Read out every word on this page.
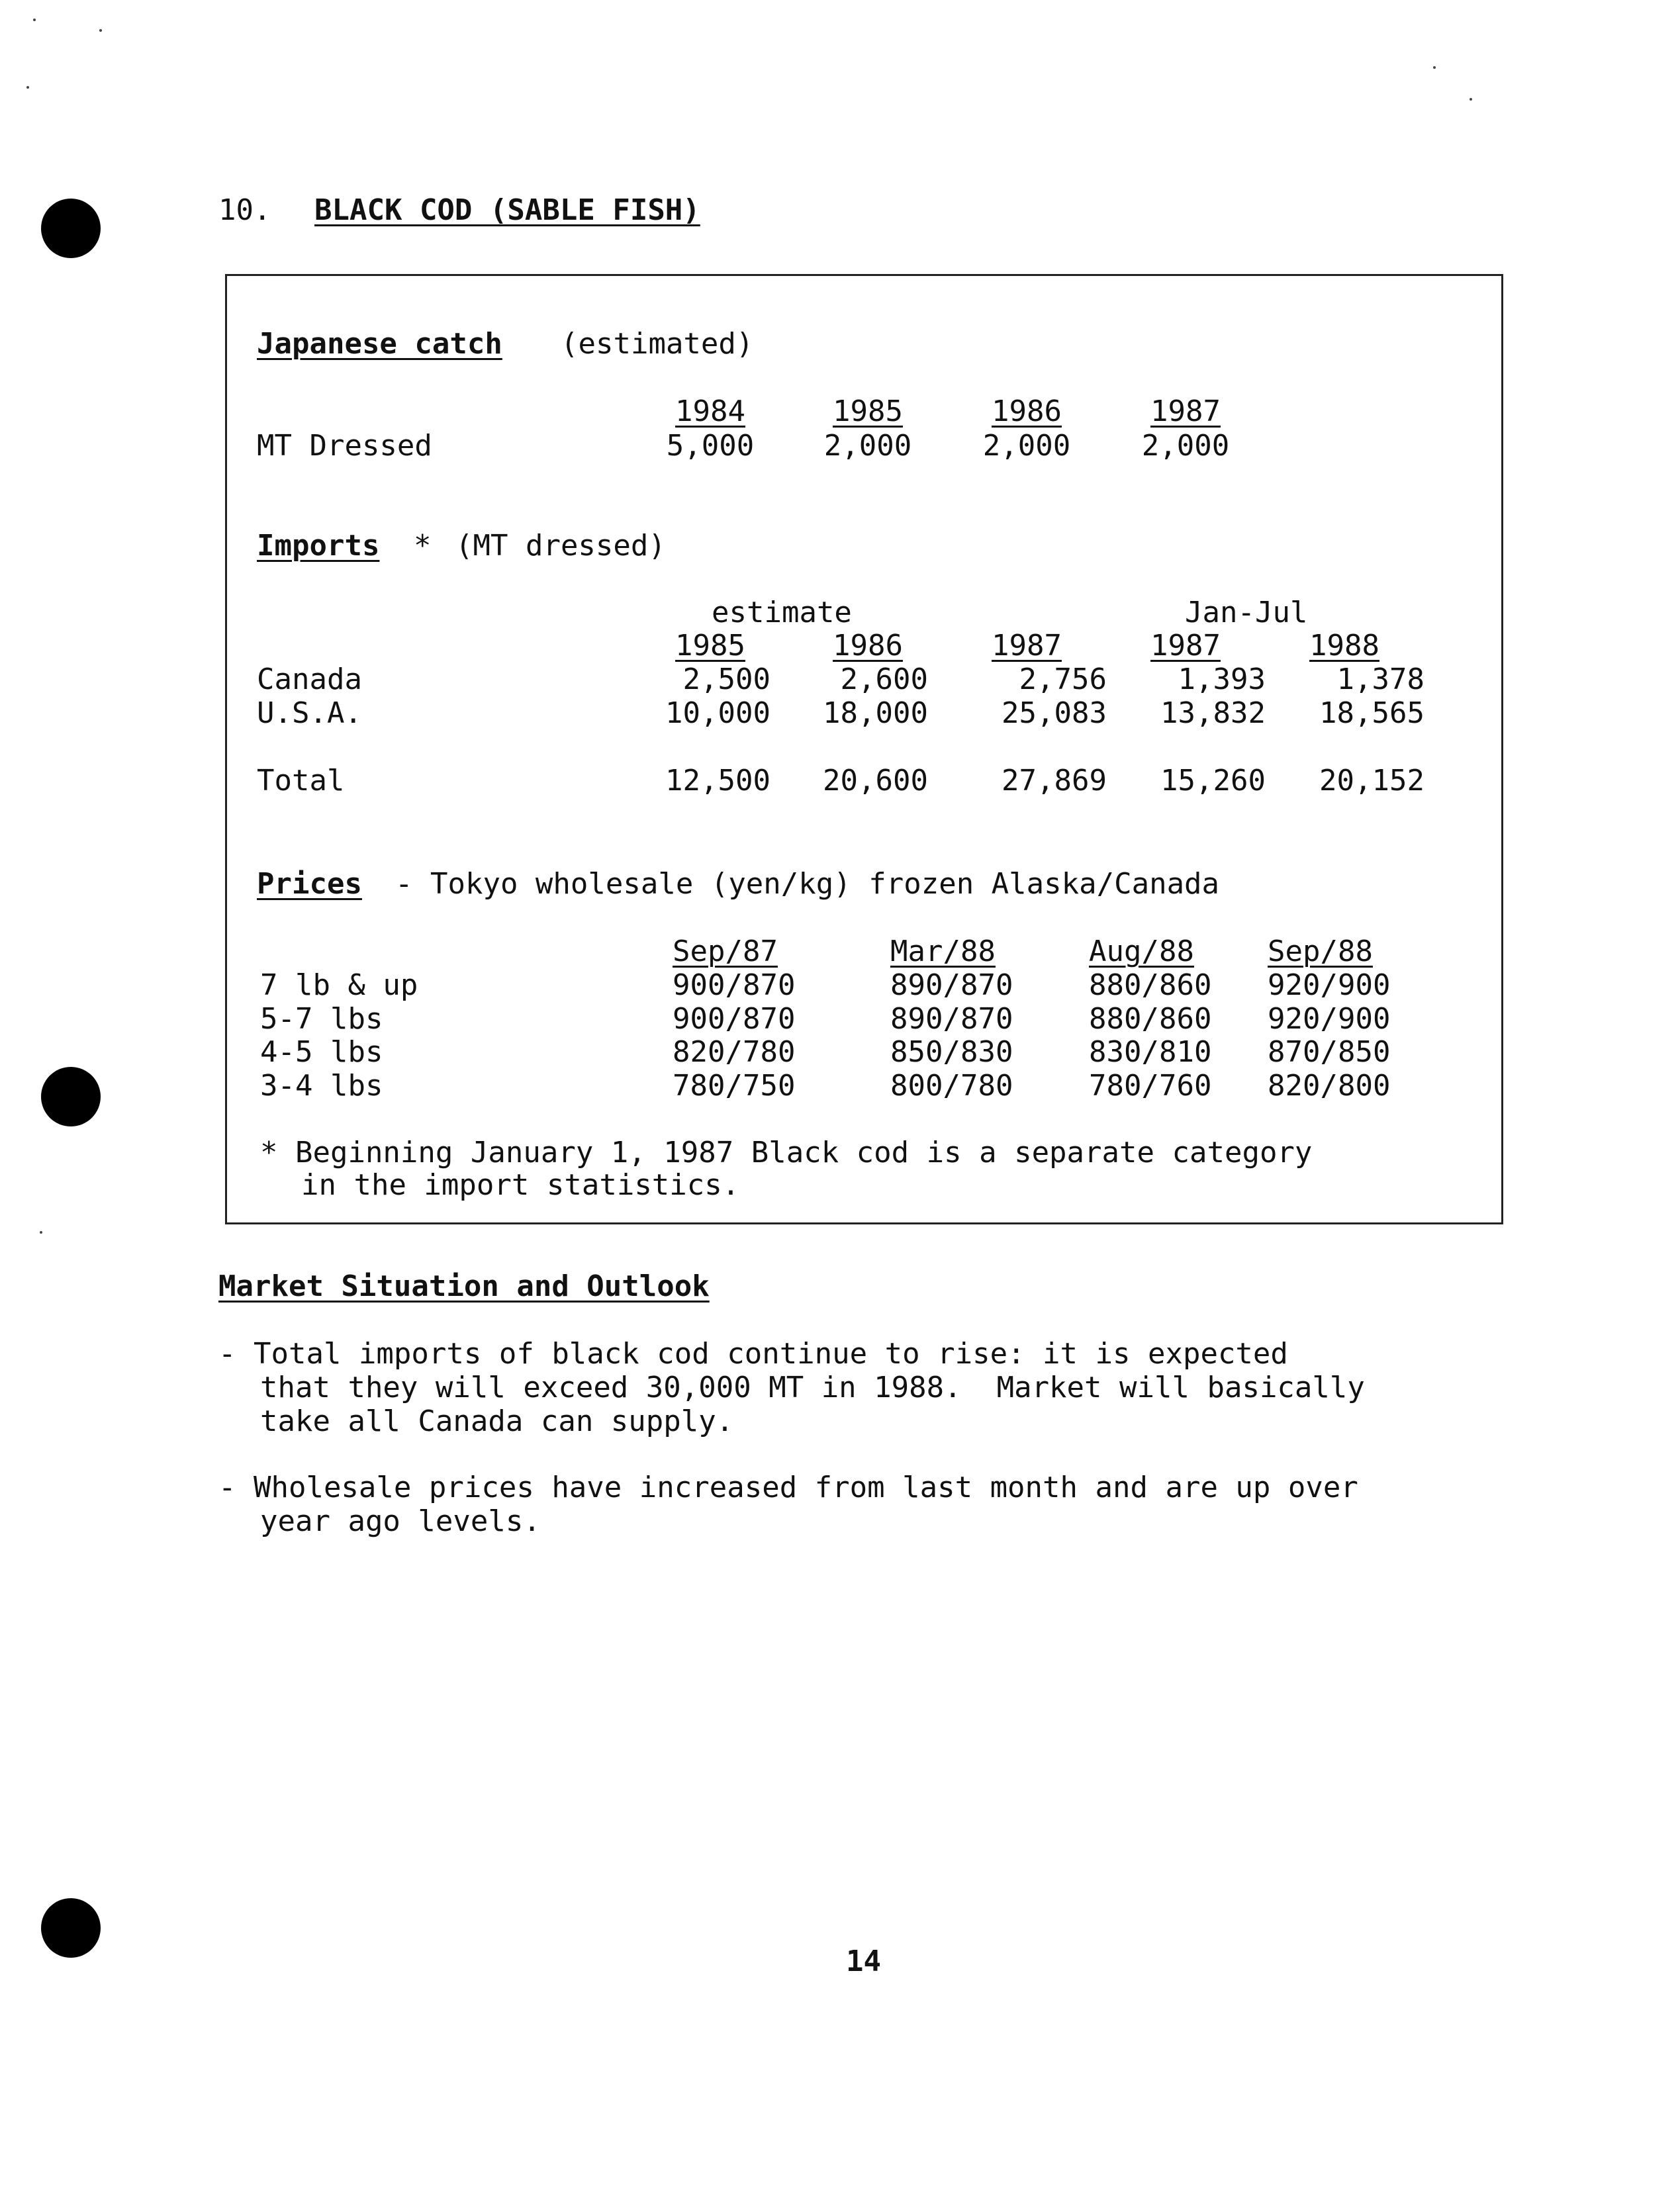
10. BLACK COD (SABLE FISH)
Japanese catch (estimated)
1984	1985	1986	1987
MT Dressed	5,000	2,000	2,000	2,000
Imports * (MT dressed)
estimate	Jan-Jul
1985	1986	1987	1987	1988
Canada	2,500	2,600	2,756	1,393	1,378
U.S.A.	10,000	18,000	25,083	13,832	18,565
Total	12,500	20,600	27,869	15,260	20,152
Prices - Tokyo wholesale (yen/kg) frozen Alaska/Canada
Sep/87	Mar/88	Aug/88	Sep/88
7 lb & up	900/870	890/870	880/860 920/900
5-7 lbs	900/870	890/870	880/860 920/900
4-5 lbs	820/780	850/830	830/810 870/850
3-4 lbs	780/750	800/780	780/760 820/800
* Beginning January 1, 1987 Black cod is a separate category
in the import statistics.
Market Situation and Outlook
- Total imports of black cod continue to rise: it is expected
that they will exceed 30,000 MT in 1988.  Market will basically
take all Canada can supply.
- Wholesale prices have increased from last month and are up over
year ago levels.
14
